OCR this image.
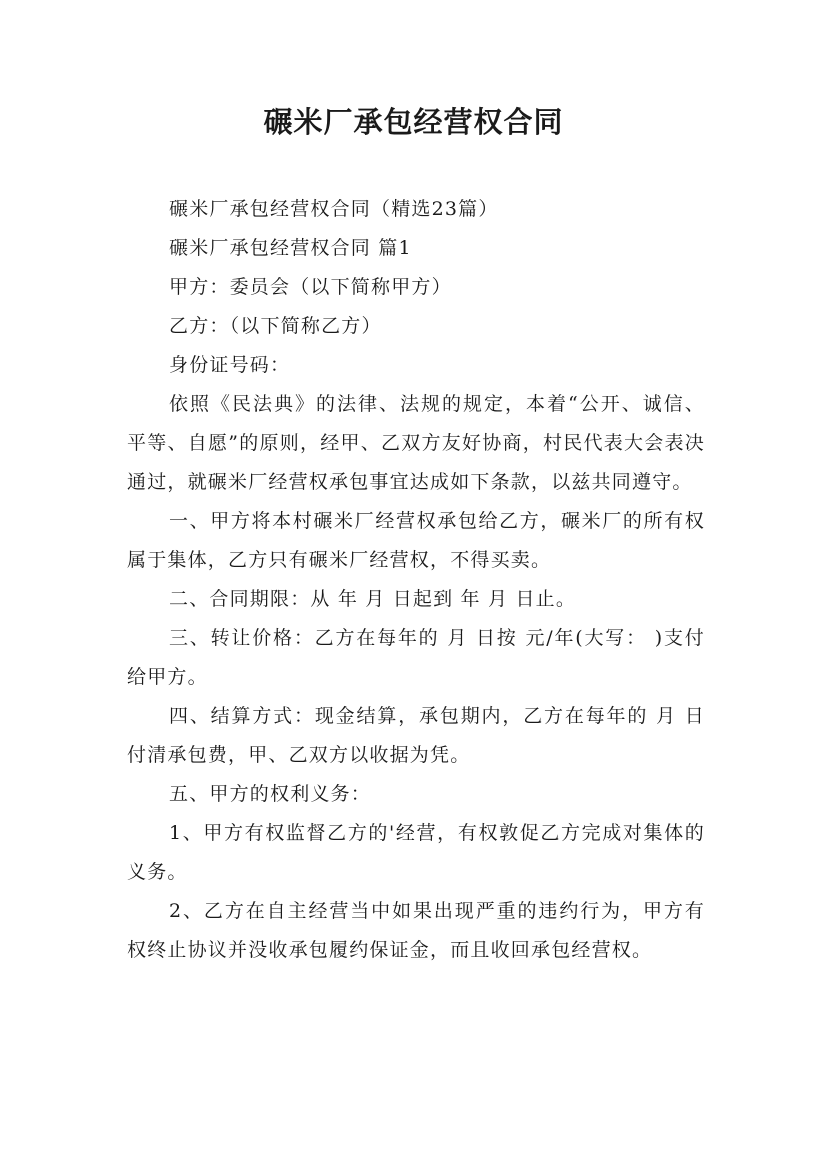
碾米厂承包经营权合同

碾米厂承包经营权合同（精选23篇）

碾米厂承包经营权合同 篇1

甲方：委员会（以下简称甲方）

乙方：（以下简称乙方）

身份证号码：

依照《民法典》的法律、法规的规定，本着“公开、诚信、平等、自愿”的原则，经甲、乙双方友好协商，村民代表大会表决通过，就碾米厂经营权承包事宜达成如下条款，以兹共同遵守。

一、甲方将本村碾米厂经营权承包给乙方，碾米厂的所有权属于集体，乙方只有碾米厂经营权，不得买卖。

二、合同期限：从 年 月 日起到 年 月 日止。

三、转让价格：乙方在每年的 月 日按 元/年(大写： )支付给甲方。

四、结算方式：现金结算，承包期内，乙方在每年的 月 日付清承包费，甲、乙双方以收据为凭。

五、甲方的权利义务：

1、甲方有权监督乙方的'经营，有权敦促乙方完成对集体的义务。

2、乙方在自主经营当中如果出现严重的违约行为，甲方有权终止协议并没收承包履约保证金，而且收回承包经营权。
